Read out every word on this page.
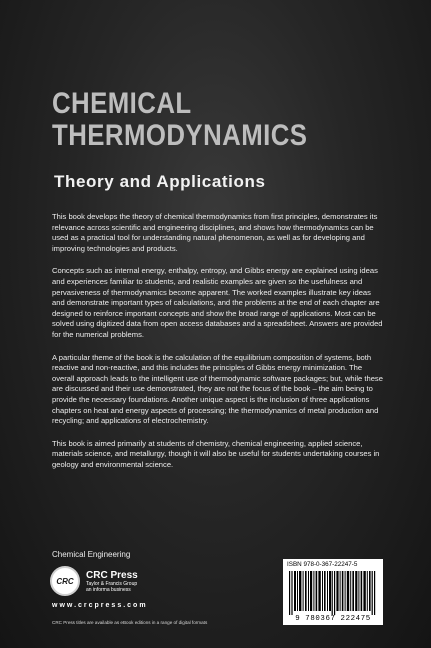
CHEMICAL
THERMODYNAMICS
Theory and Applications

This book develops the theory of chemical thermodynamics from first principles, demonstrates its relevance across scientific and engineering disciplines, and shows how thermodynamics can be used as a practical tool for understanding natural phenomenon, as well as for developing and improving technologies and products.

Concepts such as internal energy, enthalpy, entropy, and Gibbs energy are explained using ideas and experiences familiar to students, and realistic examples are given so the usefulness and pervasiveness of thermodynamics become apparent. The worked examples illustrate key ideas and demonstrate important types of calculations, and the problems at the end of each chapter are designed to reinforce important concepts and show the broad range of applications. Most can be solved using digitized data from open access databases and a spreadsheet. Answers are provided for the numerical problems.

A particular theme of the book is the calculation of the equilibrium composition of systems, both reactive and non-reactive, and this includes the principles of Gibbs energy minimization. The overall approach leads to the intelligent use of thermodynamic software packages; but, while these are discussed and their use demonstrated, they are not the focus of the book – the aim being to provide the necessary foundations. Another unique aspect is the inclusion of three applications chapters on heat and energy aspects of processing; the thermodynamics of metal production and recycling; and applications of electrochemistry.

This book is aimed primarily at students of chemistry, chemical engineering, applied science, materials science, and metallurgy, though it will also be useful for students undertaking courses in geology and environmental science.

Chemical Engineering
CRC
CRC Press
Taylor & Francis Group
an informa business
www.crcpress.com
CRC Press titles are available as eBook editions in a range of digital formats
ISBN 978-0-367-22247-5
9 780367 222475
